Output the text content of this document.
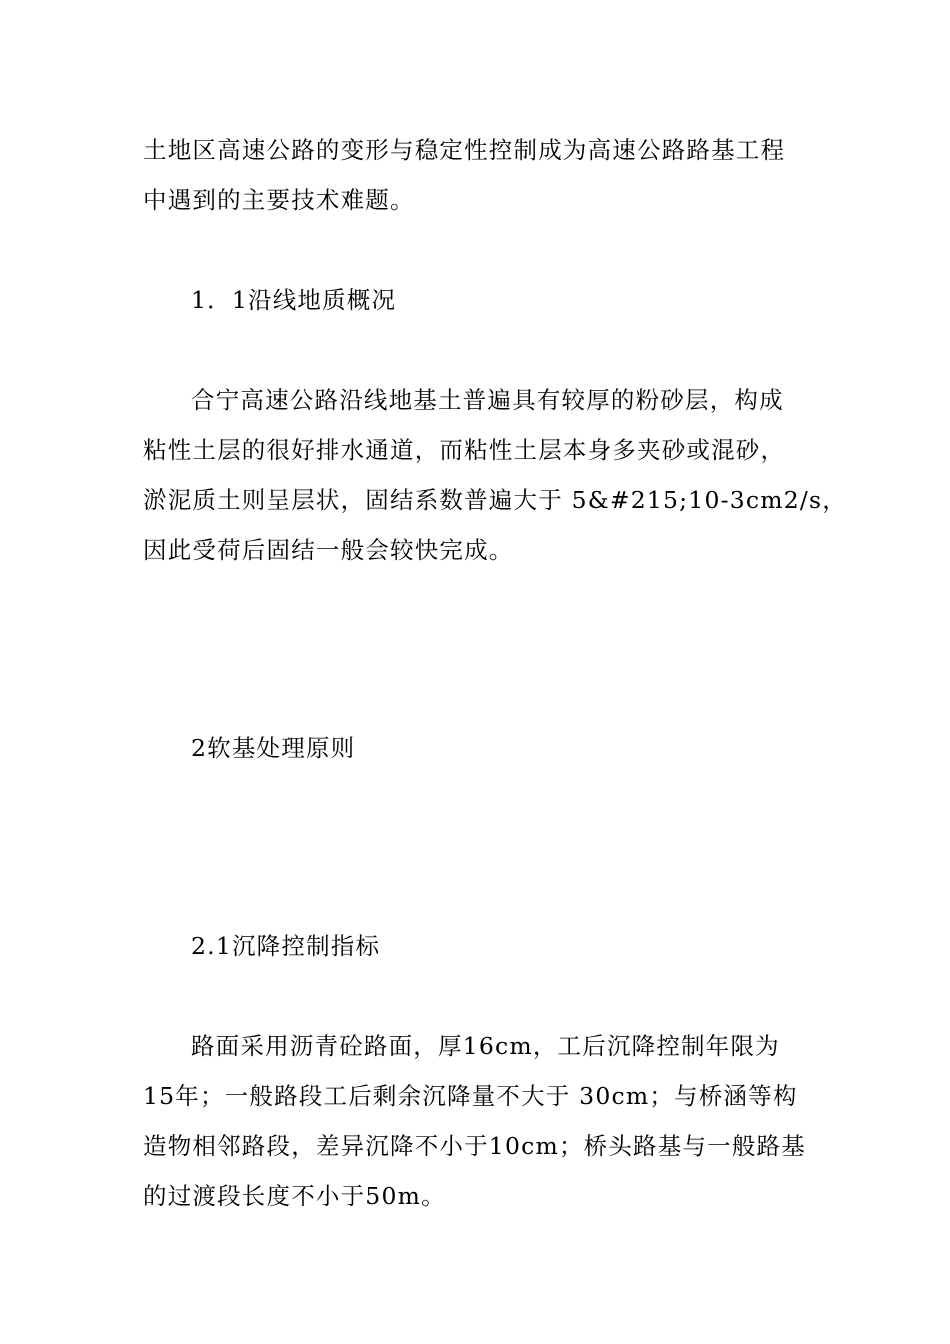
土地区高速公路的变形与稳定性控制成为高速公路路基工程
中遇到的主要技术难题。
1．1沿线地质概况
合宁高速公路沿线地基土普遍具有较厚的粉砂层，构成
粘性土层的很好排水通道，而粘性土层本身多夹砂或混砂，
淤泥质土则呈层状，固结系数普遍大于 5&#215;10-3cm2/s，
因此受荷后固结一般会较快完成。
2软基处理原则
2.1沉降控制指标
路面采用沥青砼路面，厚16cm，工后沉降控制年限为
15年；一般路段工后剩余沉降量不大于 30cm；与桥涵等构
造物相邻路段，差异沉降不小于10cm；桥头路基与一般路基
的过渡段长度不小于50m。
